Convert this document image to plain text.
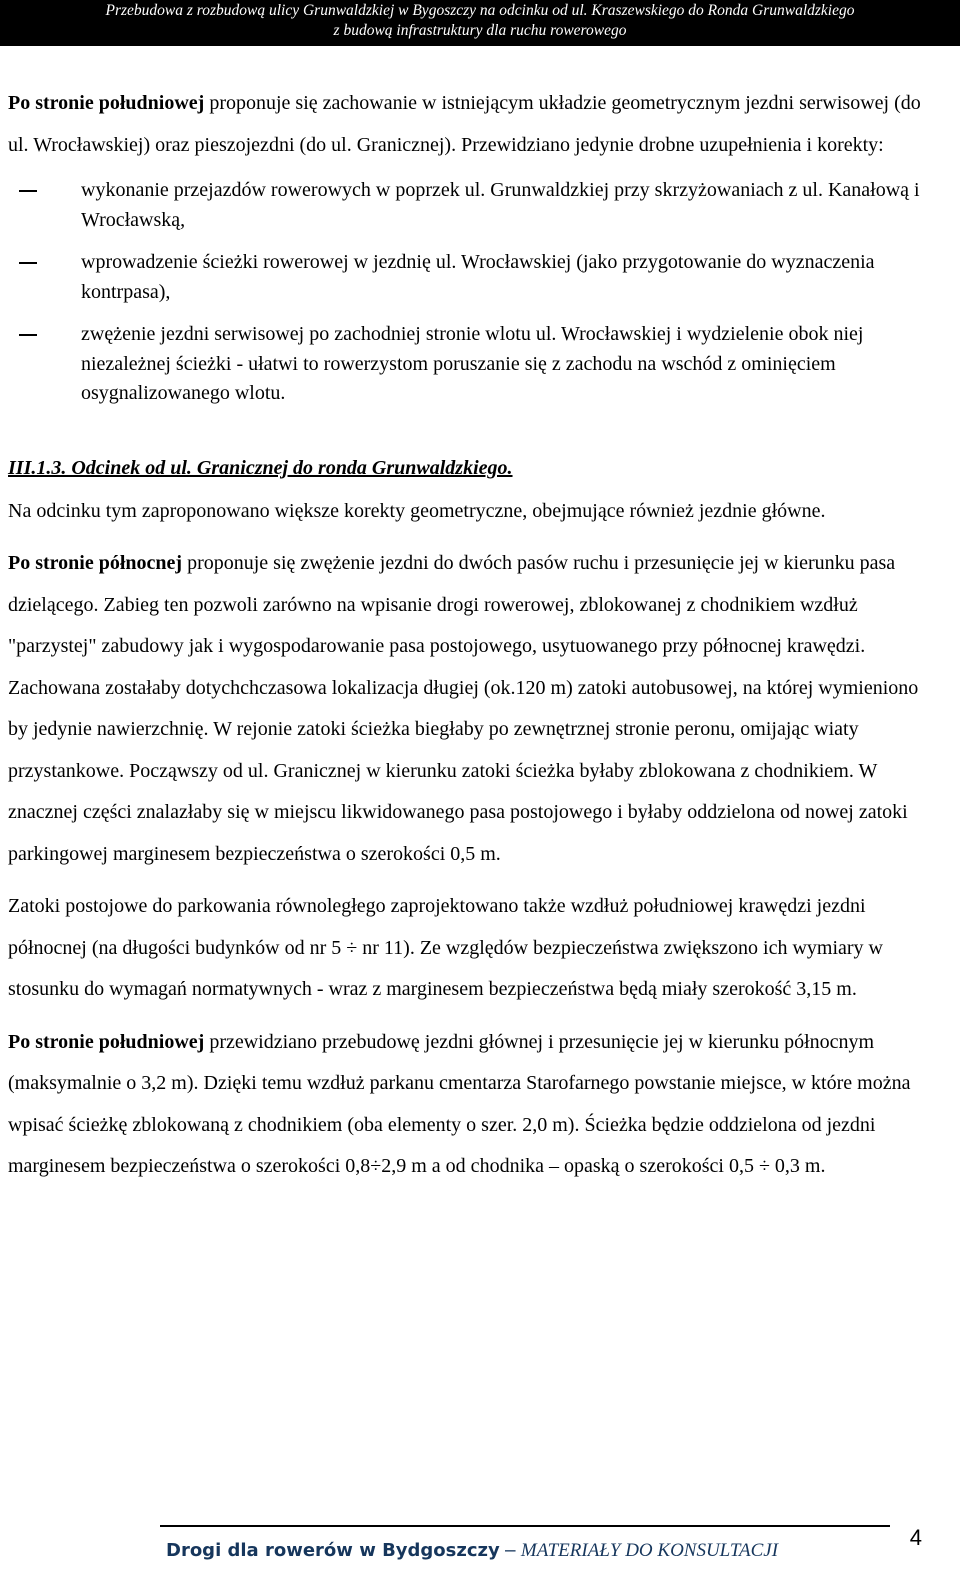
Przebudowa z rozbudową ulicy Grunwaldzkiej w Bygoszczy na odcinku od ul. Kraszewskiego do Ronda Grunwaldzkiego
z budową infrastruktury dla ruchu rowerowego

Po stronie południowej proponuje się zachowanie w istniejącym układzie geometrycznym jezdni serwisowej (do ul. Wrocławskiej) oraz pieszojezdni (do ul. Granicznej). Przewidziano jedynie drobne uzupełnienia i korekty:

wykonanie przejazdów rowerowych w poprzek ul. Grunwaldzkiej przy skrzyżowaniach z ul. Kanałową i Wrocławską,
wprowadzenie ścieżki rowerowej w jezdnię ul. Wrocławskiej (jako przygotowanie do wyznaczenia kontrpasa),
zwężenie jezdni serwisowej po zachodniej stronie wlotu ul. Wrocławskiej i wydzielenie obok niej niezależnej ścieżki - ułatwi to rowerzystom poruszanie się z zachodu na wschód z ominięciem osygnalizowanego wlotu.

III.1.3. Odcinek od ul. Granicznej do ronda Grunwaldzkiego.

Na odcinku tym zaproponowano większe korekty geometryczne, obejmujące również jezdnie główne.

Po stronie północnej proponuje się zwężenie jezdni do dwóch pasów ruchu i przesunięcie jej w kierunku pasa dzielącego. Zabieg ten pozwoli zarówno na wpisanie drogi rowerowej, zblokowanej z chodnikiem wzdłuż "parzystej" zabudowy jak i wygospodarowanie pasa postojowego, usytuowanego przy północnej krawędzi. Zachowana zostałaby dotychchczasowa lokalizacja długiej (ok.120 m) zatoki autobusowej, na której wymieniono by jedynie nawierzchnię. W rejonie zatoki ścieżka biegłaby po zewnętrznej stronie peronu, omijając wiaty przystankowe. Począwszy od ul. Granicznej w kierunku zatoki ścieżka byłaby zblokowana z chodnikiem. W znacznej części znalazłaby się w miejscu likwidowanego pasa postojowego i byłaby oddzielona od nowej zatoki parkingowej marginesem bezpieczeństwa o szerokości 0,5 m.

Zatoki postojowe do parkowania równoległego zaprojektowano także wzdłuż południowej krawędzi jezdni północnej (na długości budynków od nr 5 ÷ nr 11). Ze względów bezpieczeństwa zwiększono ich wymiary w stosunku do wymagań normatywnych - wraz z marginesem bezpieczeństwa będą miały szerokość 3,15 m.

Po stronie południowej przewidziano przebudowę jezdni głównej i przesunięcie jej w kierunku północnym (maksymalnie o 3,2 m). Dzięki temu wzdłuż parkanu cmentarza Starofarnego powstanie miejsce, w które można wpisać ścieżkę zblokowaną z chodnikiem (oba elementy o szer. 2,0 m). Ścieżka będzie oddzielona od jezdni marginesem bezpieczeństwa o szerokości 0,8÷2,9 m a od chodnika – opaską o szerokości 0,5 ÷ 0,3 m.

Drogi dla rowerów w Bydgoszczy – MATERIAŁY DO KONSULTACJI
4
